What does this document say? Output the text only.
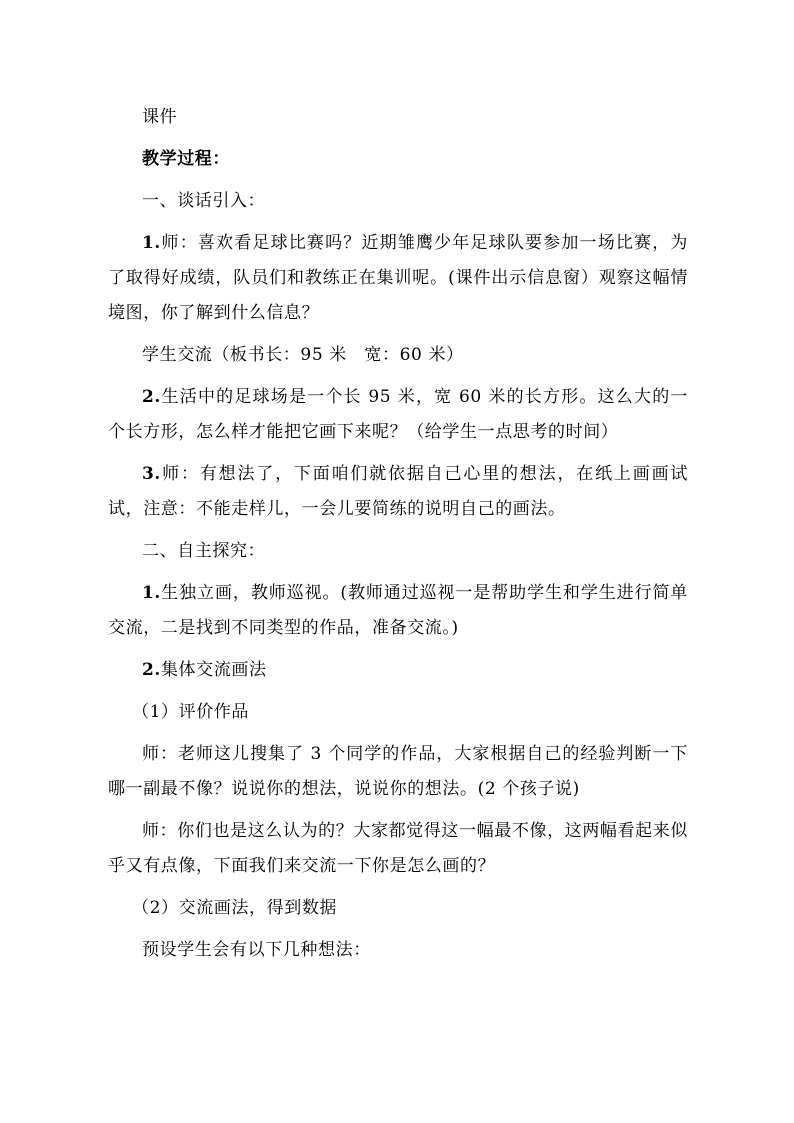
课件

教学过程：

一、谈话引入：

1.师：喜欢看足球比赛吗？近期雏鹰少年足球队要参加一场比赛，为了取得好成绩，队员们和教练正在集训呢。(课件出示信息窗）观察这幅情境图，你了解到什么信息？

学生交流（板书长：95 米　宽：60 米）

2.生活中的足球场是一个长 95 米，宽 60 米的长方形。这么大的一个长方形，怎么样才能把它画下来呢？（给学生一点思考的时间）

3.师：有想法了，下面咱们就依据自己心里的想法，在纸上画画试试，注意：不能走样儿，一会儿要简练的说明自己的画法。

二、自主探究：

1.生独立画，教师巡视。(教师通过巡视一是帮助学生和学生进行简单交流，二是找到不同类型的作品，准备交流。)

2.集体交流画法

（1）评价作品

师：老师这儿搜集了 3 个同学的作品，大家根据自己的经验判断一下哪一副最不像？说说你的想法，说说你的想法。(2 个孩子说)

师：你们也是这么认为的？大家都觉得这一幅最不像，这两幅看起来似乎又有点像，下面我们来交流一下你是怎么画的？

（2）交流画法，得到数据

预设学生会有以下几种想法：
